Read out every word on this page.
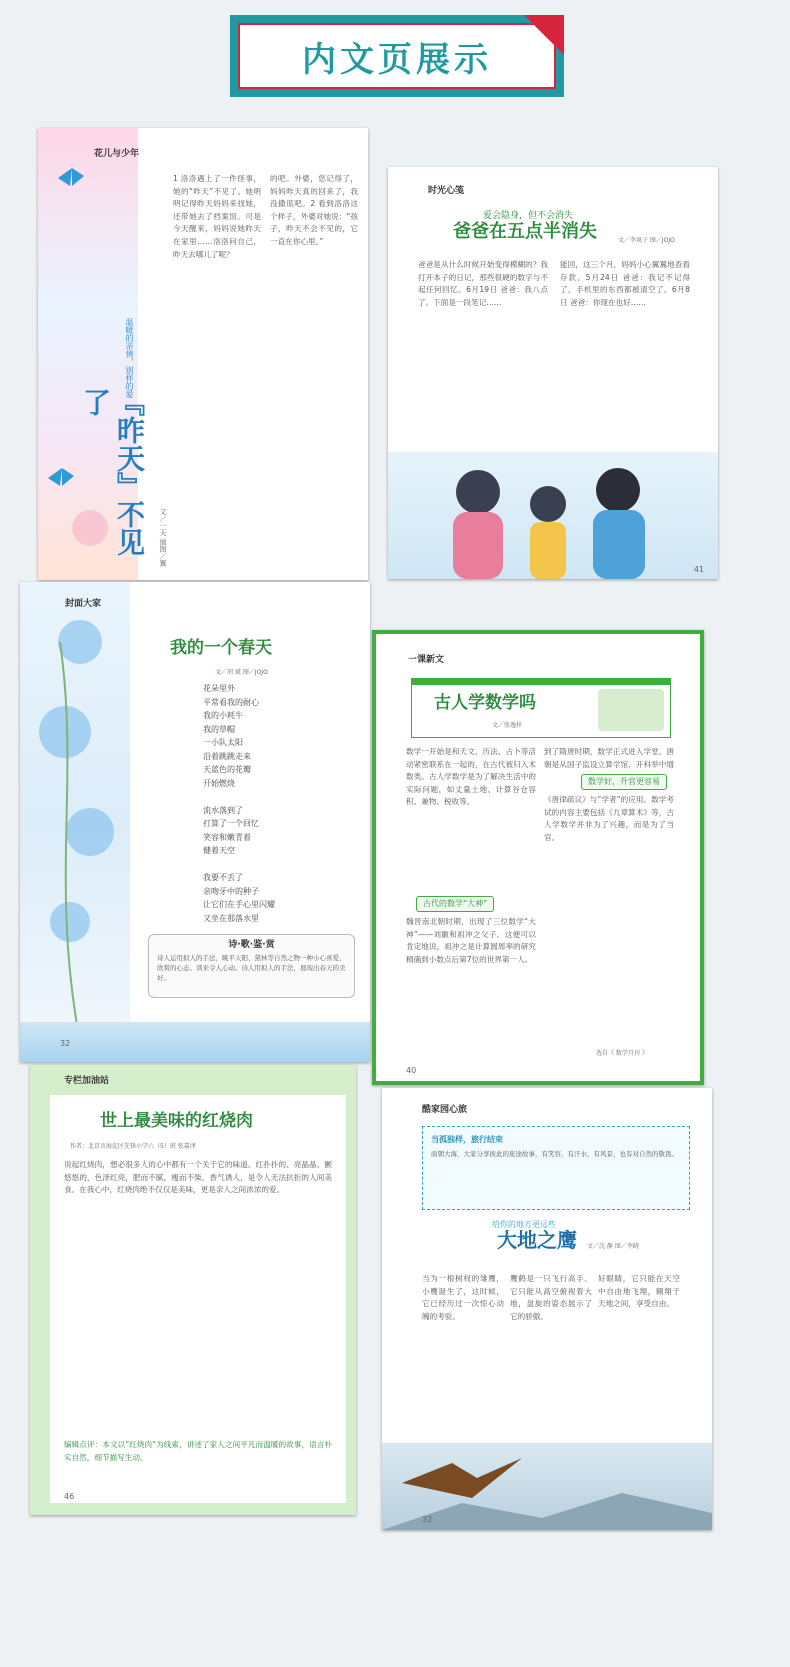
内文页展示
花儿与少年
温暖的亲情，别样的爱
『昨天』不见了
文／一天 插图／翼

1 洛洛遇上了一件怪事，她的“昨天”不见了。她明明记得昨天妈妈来找她，还带她去了档案馆。可是今天醒来，妈妈说她昨天在家里……洛洛问自己，昨天去哪儿了呢？

的吧。外婆，您记得了，妈妈昨天真的回来了，我没撒谎吧。2 看到洛洛这个样子，外婆对她说：“孩子，昨天不会不见的，它一直在你心里。”

时光心笺
爱会隐身，但不会消失
爸爸在五点半消失	文／李岚子 图／JOJO

爸爸是从什么时候开始变得模糊的？我打开本子的日记，那些很硬的数字与不起任何回忆。6月19日 爸爸：我八点了。下面是一段笔记……

能回，这三个月，妈妈小心翼翼地查看存款。5月24日 爸爸：我记不记得了，手机里的东西都被清空了。6月8日 爸爸：你现在也好……

41
封面大家
我的一个春天
文／胡 斌 图／JOJO

花朵里外

平常看我的耐心

我的小耗牛

我的草帽

一小队太阳

沿着跳跳走来

天蓝色的花瓣

开始燃烧

流水落到了

打算了一个回忆

笑容和嫩青着

健着天空

我要不丢了

亲吻牙中的种子

让它们在手心里闪耀

又坐在那落水里

诗·歌·鉴·赏
诗人运用拟人的手法，眺平天阳、黛林等自然之物一种小心喜爱、欣赏的心态。读来令人心动。诗人用拟人的手法，展现出春天的美好。
32
一课新文
古人学数学吗
文／张逸梓

数学一开始是和天文、历法、占卜等活动紧密联系在一起的，在古代被归入术数类。古人学数学是为了解决生活中的实际问题，如丈量土地、计算谷仓容积、兼物、税收等。

古代的数学“大神”

魏晋南北朝时期，出现了三位数学“大神”——刘徽和祖冲之父子。这便可以肯定地说，祖冲之是计算圆周率的研究精确到小数点后第7位的世界第一人。

到了隋唐时期，数学正式进入学堂。唐朝是从国子监设立算学馆，开科举中增

数学好，升官更容易

《唐律疏议》与“学者”的应用。数学考试的内容主要包括《九章算术》等，古人学数学并非为了兴趣，而是为了当官。

选自《 数学月刊 》
40
专栏加油站
世上最美味的红烧肉
作者：北京市海淀区先锋小学六（5）班 张嘉泽

说起红烧肉，想必很多人的心中都有一个关于它的味道。红扑扑的、亮晶晶、颤悠悠的，色泽红亮，肥而不腻，瘦而不柴，香气诱人，是令人无法抗拒的人间美食。在我心中，红烧肉绝不仅仅是美味，更是亲人之间浓浓的爱。

编辑点评：本文以“红烧肉”为线索，讲述了家人之间平凡而温暖的故事，语言朴实自然，细节描写生动。

46
酷家园心旅
当孤独样，旅行结束
面朝大海，大家分享彼此的旅途故事，有笑容，有汗水，有风景，也有对自然的敬畏。
给你的地方更远些
大地之鹰 文／沈 静 图／李晓

当为一根树杈的雏鹰，小鹰诞生了，这时候，它已经历过一次惊心动魄的考验。

鹰鹤是一只飞行高手。它只能从高空俯视着大地，盘旋的姿态展示了它的骄傲。

好眼睛，它只能在天空中自由地飞翔，翱翔于天地之间，享受自由。

32
